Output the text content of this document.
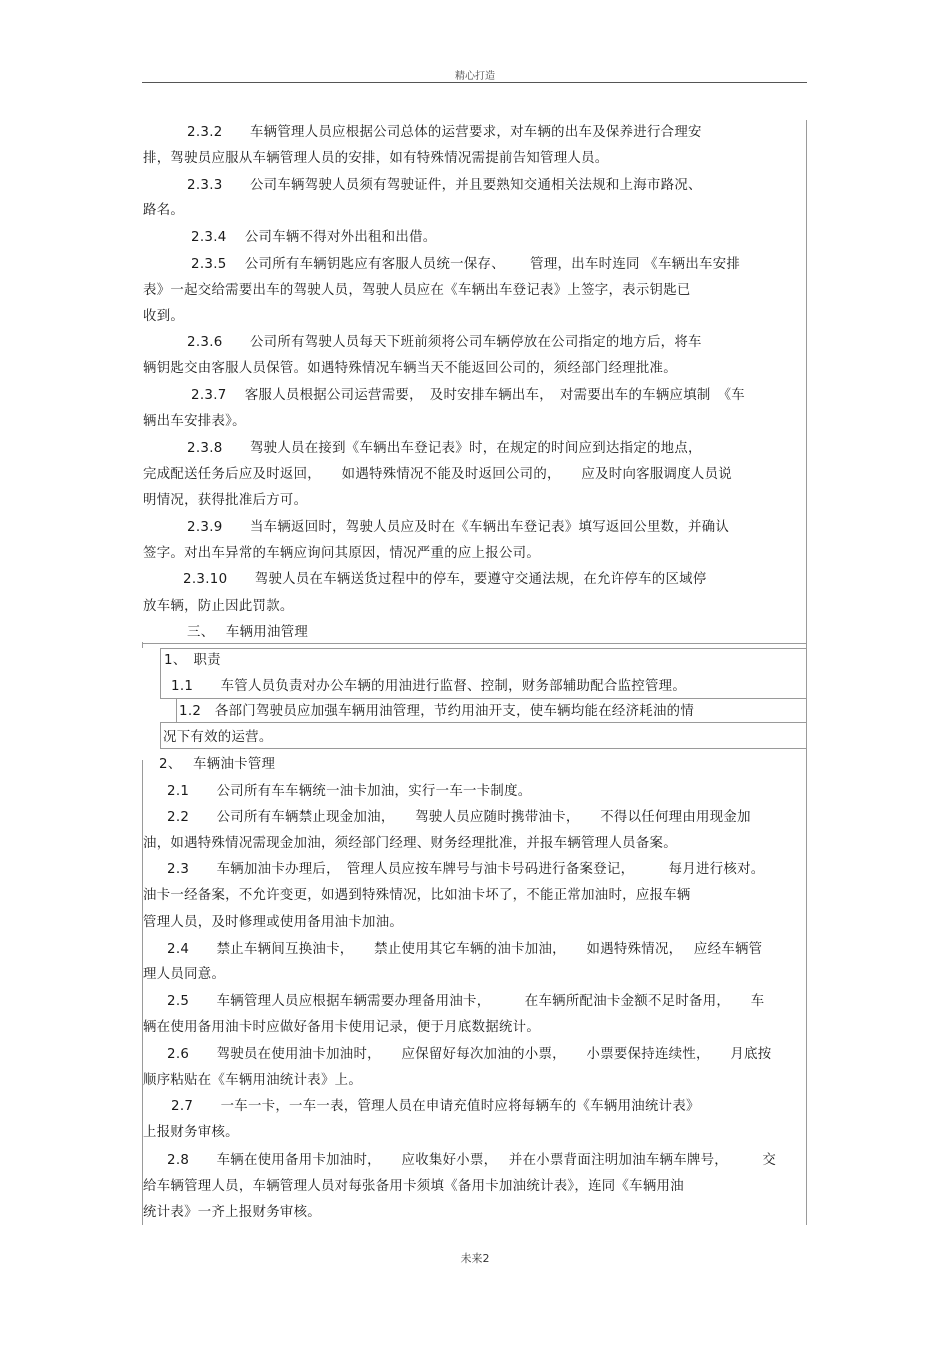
精心打造
2.3.2　　车辆管理人员应根据公司总体的运营要求，对车辆的出车及保养进行合理安
排，驾驶员应服从车辆管理人员的安排，如有特殊情况需提前告知管理人员。
2.3.3　　公司车辆驾驶人员须有驾驶证件，并且要熟知交通相关法规和上海市路况、
路名。
2.3.4　 公司车辆不得对外出租和出借。
2.3.5　 公司所有车辆钥匙应有客服人员统一保存、　　 管理，出车时连同 《车辆出车安排
表》一起交给需要出车的驾驶人员，驾驶人员应在《车辆出车登记表》上签字，表示钥匙已
收到。
2.3.6　　公司所有驾驶人员每天下班前须将公司车辆停放在公司指定的地方后，将车
辆钥匙交由客服人员保管。如遇特殊情况车辆当天不能返回公司的，须经部门经理批准。
2.3.7　 客服人员根据公司运营需要，　及时安排车辆出车，　对需要出车的车辆应填制　《车
辆出车安排表》。
2.3.8　　驾驶人员在接到《车辆出车登记表》时，在规定的时间应到达指定的地点，
完成配送任务后应及时返回，　　如遇特殊情况不能及时返回公司的，　　应及时向客服调度人员说
明情况，获得批准后方可。
2.3.9　　当车辆返回时，驾驶人员应及时在《车辆出车登记表》填写返回公里数，并确认
签字。对出车异常的车辆应询问其原因，情况严重的应上报公司。
2.3.10　　驾驶人员在车辆送货过程中的停车，要遵守交通法规，在允许停车的区域停
放车辆，防止因此罚款。
三、　 车辆用油管理
1、　职责
1.1　　车管人员负责对办公车辆的用油进行监督、控制，财务部辅助配合监控管理。
1.2　各部门驾驶员应加强车辆用油管理，节约用油开支，使车辆均能在经济耗油的情
况下有效的运营。
2、　 车辆油卡管理
2.1　　公司所有车车辆统一油卡加油，实行一车一卡制度。
2.2　　公司所有车辆禁止现金加油，　　驾驶人员应随时携带油卡，　　不得以任何理由用现金加
油，如遇特殊情况需现金加油，须经部门经理、财务经理批准，并报车辆管理人员备案。
2.3　　车辆加油卡办理后，　管理人员应按车牌号与油卡号码进行备案登记，　　　每月进行核对。
油卡一经备案，不允许变更，如遇到特殊情况，比如油卡坏了，不能正常加油时，应报车辆
管理人员，及时修理或使用备用油卡加油。
2.4　　禁止车辆间互换油卡，　　禁止使用其它车辆的油卡加油，　　如遇特殊情况，　 应经车辆管
理人员同意。
2.5　　车辆管理人员应根据车辆需要办理备用油卡，　　　在车辆所配油卡金额不足时备用，　　车
辆在使用备用油卡时应做好备用卡使用记录，便于月底数据统计。
2.6　　驾驶员在使用油卡加油时，　　应保留好每次加油的小票，　　小票要保持连续性，　　月底按
顺序粘贴在《车辆用油统计表》上。
2.7　　一车一卡，一车一表，管理人员在申请充值时应将每辆车的《车辆用油统计表》
上报财务审核。
2.8　　车辆在使用备用卡加油时，　　应收集好小票，　 并在小票背面注明加油车辆车牌号，　　　交
给车辆管理人员，车辆管理人员对每张备用卡须填《备用卡加油统计表》，连同《车辆用油
统计表》一齐上报财务审核。
未来2
